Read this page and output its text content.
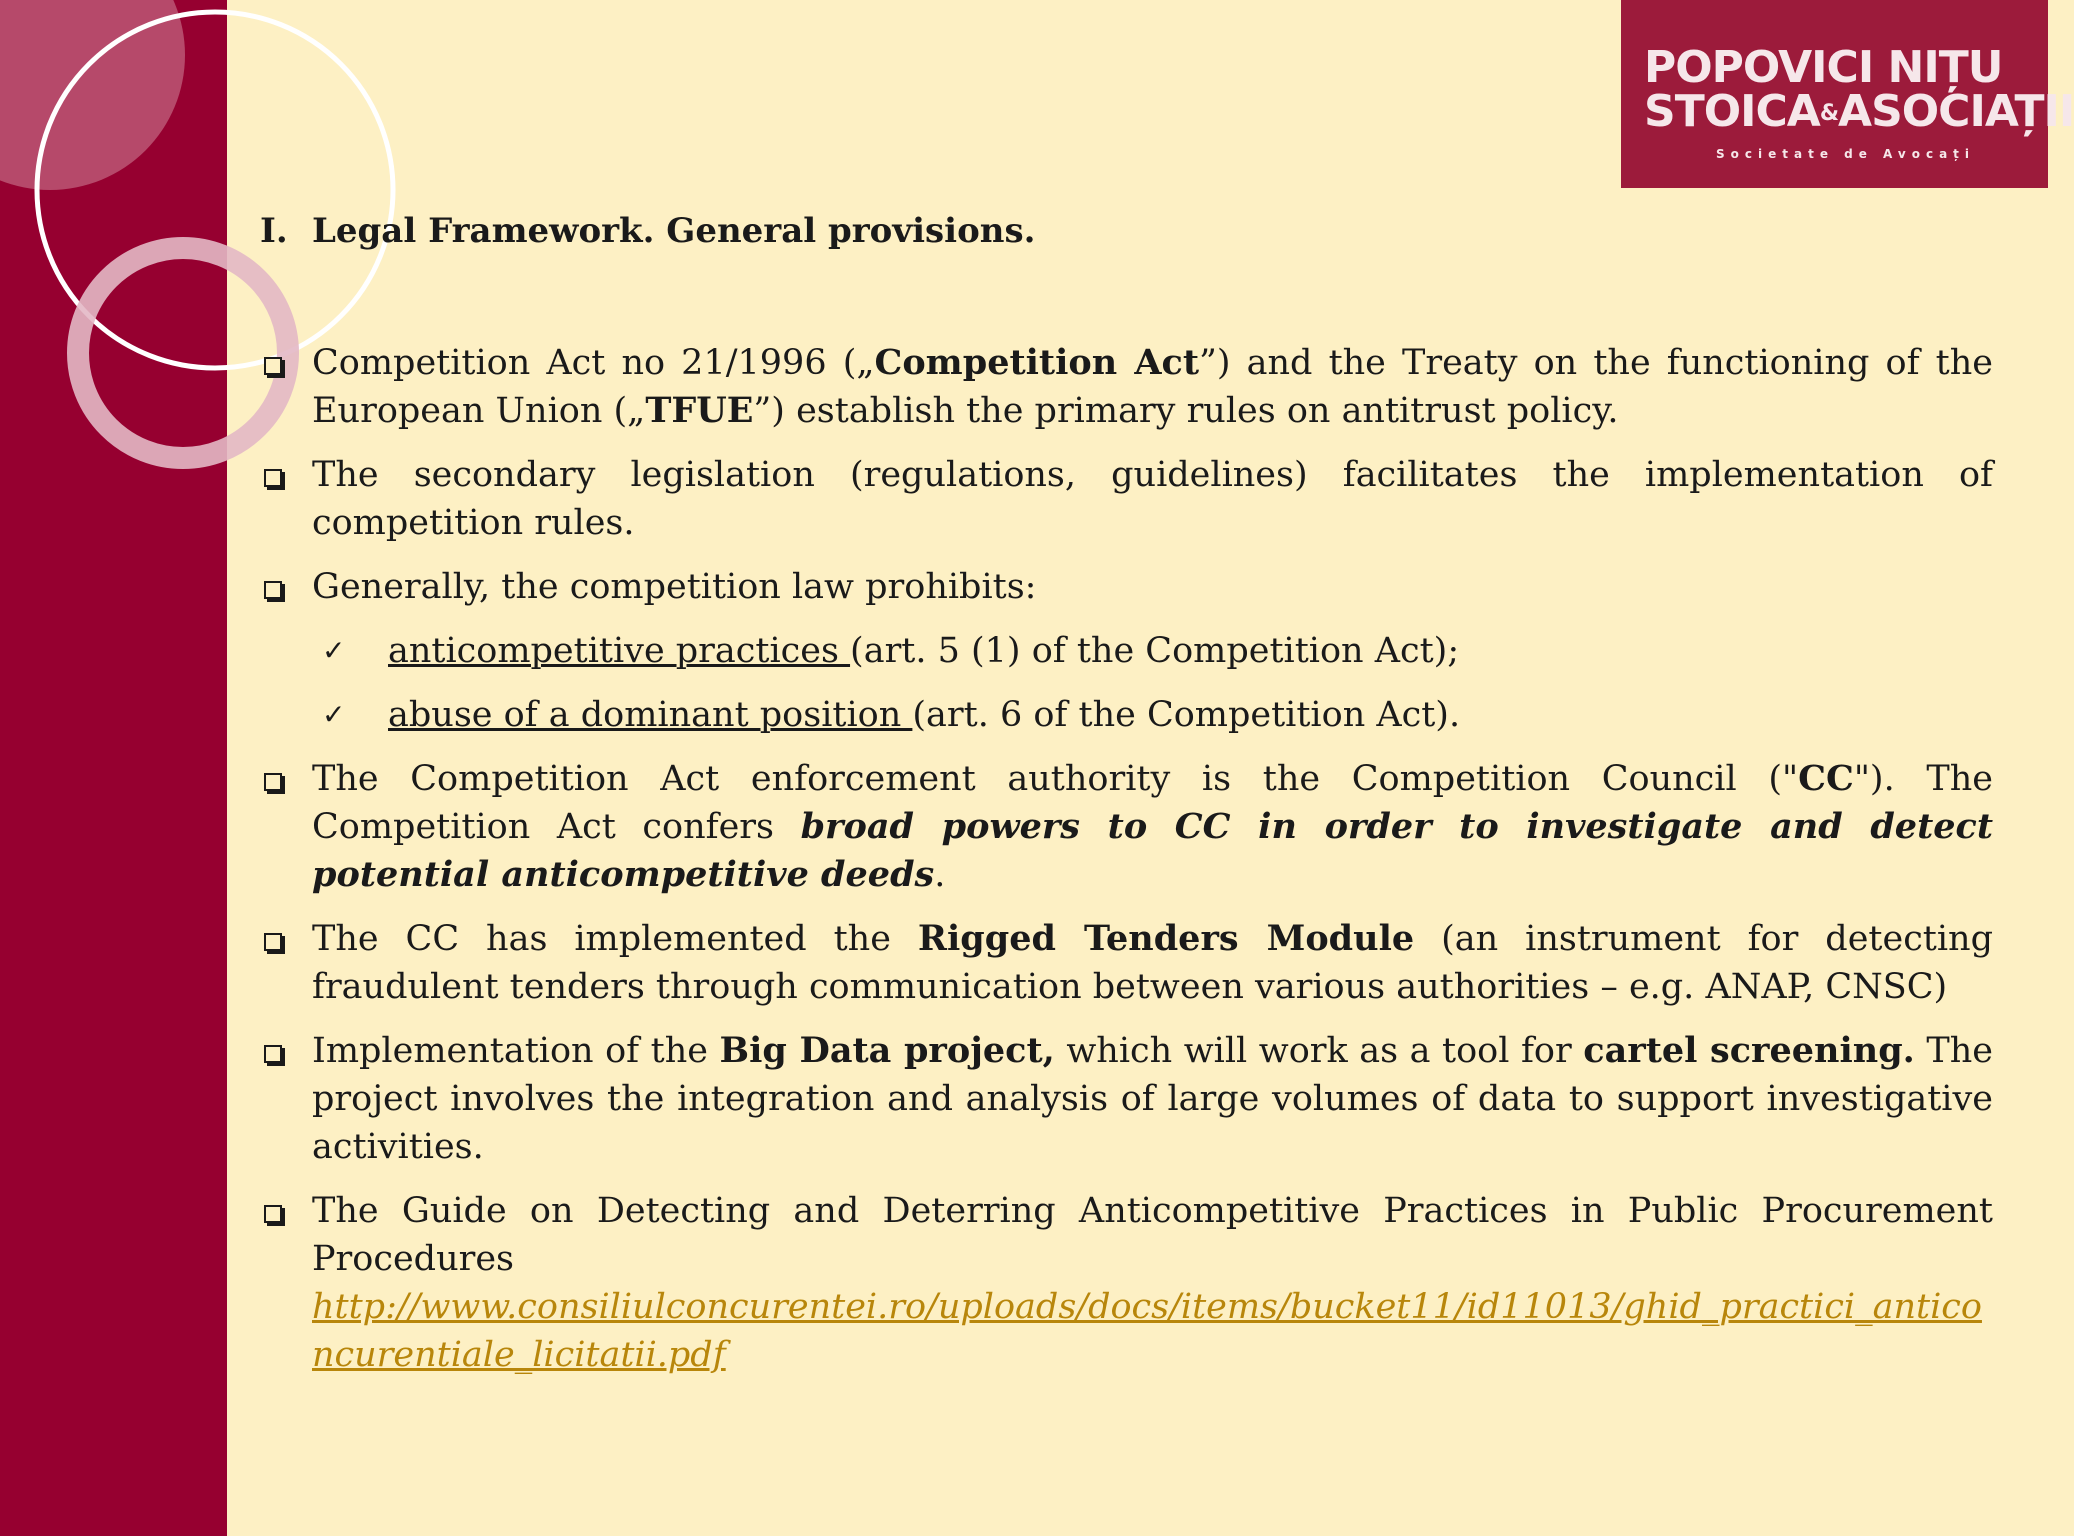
POPOVICI NIȚU
STOICA&ASOCIAȚII
Societate de Avocați
I. Legal Framework. General provisions.
Competition Act no 21/1996 („Competition Act”) and the Treaty on the functioning of the European Union („TFUE”) establish the primary rules on antitrust policy.
The secondary legislation (regulations, guidelines) facilitates the implementation of competition rules.
Generally, the competition law prohibits:
✓ anticompetitive practices (art. 5 (1) of the Competition Act);
✓ abuse of a dominant position (art. 6 of the Competition Act).
The Competition Act enforcement authority is the Competition Council ("CC"). The Competition Act confers broad powers to CC in order to investigate and detect potential anticompetitive deeds.
The CC has implemented the Rigged Tenders Module (an instrument for detecting fraudulent tenders through communication between various authorities – e.g. ANAP, CNSC)
Implementation of the Big Data project, which will work as a tool for cartel screening. The project involves the integration and analysis of large volumes of data to support investigative activities.
The Guide on Detecting and Deterring Anticompetitive Practices in Public Procurement Procedures
http://www.consiliulconcurentei.ro/uploads/docs/items/bucket11/id11013/ghid_practici_anticoncurentiale_licitatii.pdf
